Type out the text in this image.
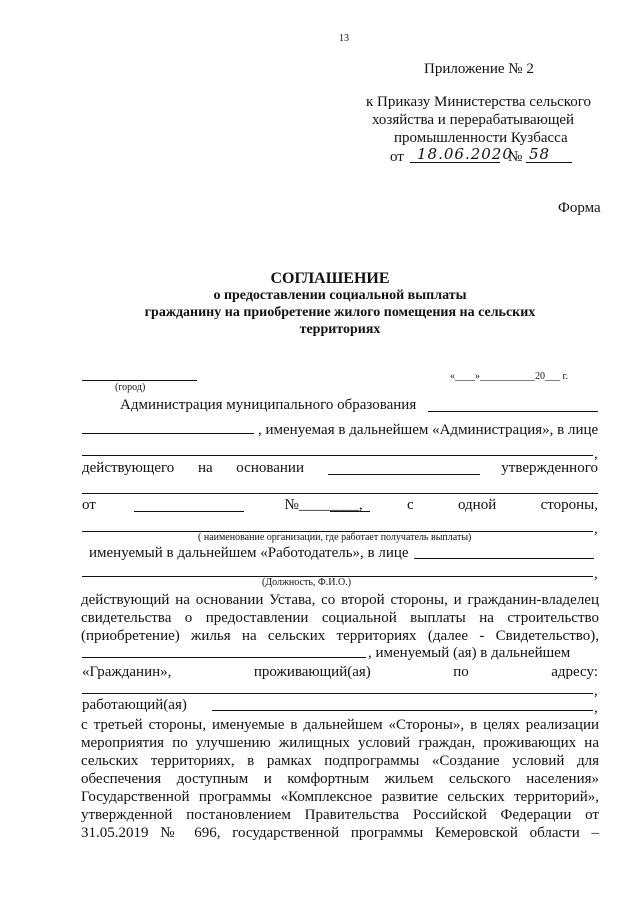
13
Приложение № 2
к Приказу Министерства сельского
хозяйства и перерабатывающей
промышленности Кузбасса
от 18.06.2020
№ 58
Форма
СОГЛАШЕНИЕ
о предоставлении социальной выплаты
гражданину на приобретение жилого помещения на сельских
территориях
(город)
«____»___________20___ г.
Администрация муниципального образования
, именуемая в дальнейшем «Администрация», в лице
,
действующего на основании	утвержденного
от	№________,	с	одной	стороны,
,
( наименование организации, где работает получатель выплаты)
именуемый в дальнейшем «Работодатель», в лице
,
(Должность, Ф.И.О.)
действующий на основании Устава, со второй стороны, и гражданин-владелец
свидетельства о предоставлении социальной выплаты на строительство
(приобретение) жилья на сельских территориях (далее - Свидетельство),
, именуемый (ая) в дальнейшем
«Гражданин»,	проживающий(ая)	по	адресу:
,
работающий(ая)	,
с третьей стороны, именуемые в дальнейшем «Стороны», в целях реализации
мероприятия по улучшению жилищных условий граждан, проживающих на
сельских территориях, в рамках подпрограммы «Создание условий для
обеспечения доступным и комфортным жильем сельского населения»
Государственной программы «Комплексное развитие сельских территорий»,
утвержденной постановлением Правительства Российской Федерации от
31.05.2019 № 696, государственной программы Кемеровской области –
